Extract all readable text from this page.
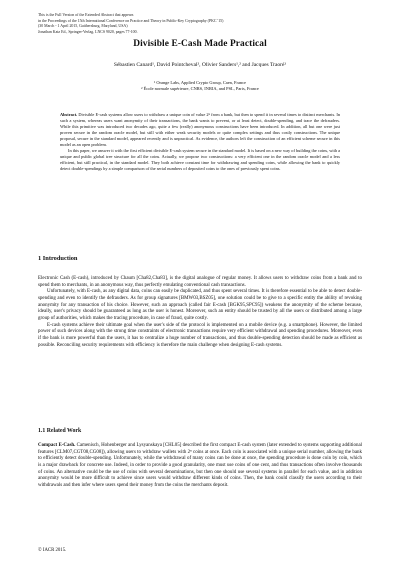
This is the Full Version of the Extended Abstract that appears
in the Proceedings of the 15th International Conference on Practice and Theory in Public-Key Cryptography (PKC '15)
(30 March - 1 April 2015, Gaithersburg, Maryland, USA)
Jonathan Katz Ed., Springer-Verlag, LNCS 9020, pages 77-100.
Divisible E-Cash Made Practical
Sébastien Canard¹, David Pointcheval², Olivier Sanders¹,² and Jacques Traoré¹
¹ Orange Labs, Applied Crypto Group, Caen, France
² École normale supérieure, CNRS, INRIA, and PSL, Paris, France

Abstract. Divisible E-cash systems allow users to withdraw a unique coin of value 2ⁿ from a bank, but then to spend it in several times to distinct merchants. In such a system, whereas users want anonymity of their transactions, the bank wants to prevent, or at least detect, double-spending, and trace the defrauders. While this primitive was introduced two decades ago, quite a few (really) anonymous constructions have been introduced. In addition, all but one were just proven secure in the random oracle model, but still with either weak security models or quite complex settings and thus costly constructions. The unique proposal, secure in the standard model, appeared recently and is unpractical. As evidence, the authors left the construction of an efficient scheme secure in this model as an open problem.

In this paper, we answer it with the first efficient divisible E-cash system secure in the standard model. It is based on a new way of building the coins, with a unique and public global tree structure for all the coins. Actually, we propose two constructions: a very efficient one in the random oracle model and a less efficient, but still practical, in the standard model. They both achieve constant time for withdrawing and spending coins, while allowing the bank to quickly detect double-spendings by a simple comparison of the serial numbers of deposited coins to the ones of previously spent coins.

1 Introduction

Electronic Cash (E-cash), introduced by Chaum [Cha82,Cha83], is the digital analogue of regular money. It allows users to withdraw coins from a bank and to spend them to merchants, in an anonymous way, thus perfectly emulating conventional cash transactions.

Unfortunately, with E-cash, as any digital data, coins can easily be duplicated, and thus spent several times. It is therefore essential to be able to detect double-spending and even to identify the defrauders. As for group signatures [BMW03,BSZ05], one solution could be to give to a specific entity the ability of revoking anonymity for any transaction of his choice. However, such an approach (called fair E-cash [BGK95,SPC95]) weakens the anonymity of the scheme because, ideally, user's privacy should be guaranteed as long as the user is honest. Moreover, such an entity should be trusted by all the users or distributed among a large group of authorities, which makes the tracing procedure, in case of fraud, quite costly.

E-cash systems achieve their ultimate goal when the user's side of the protocol is implemented on a mobile device (e.g. a smartphone). However, the limited power of such devices along with the strong time constraints of electronic transactions require very efficient withdrawal and spending procedures. Moreover, even if the bank is more powerful than the users, it has to centralize a huge number of transactions, and thus double-spending detection should be made as efficient as possible. Reconciling security requirements with efficiency is therefore the main challenge when designing E-cash systems.

1.1 Related Work

Compact E-Cash. Camenisch, Hohenberger and Lysyanskaya [CHL05] described the first compact E-cash system (later extended to systems supporting additional features [CLM07,CGT08,CG08]), allowing users to withdraw wallets with 2ⁿ coins at once. Each coin is associated with a unique serial number, allowing the bank to efficiently detect double-spending. Unfortunately, while the withdrawal of many coins can be done at once, the spending procedure is done coin by coin, which is a major drawback for concrete use. Indeed, in order to provide a good granularity, one must use coins of one cent, and thus transactions often involve thousands of coins. An alternative could be the use of coins with several denominations, but then one should use several systems in parallel for each value, and in addition anonymity would be more difficult to achieve since users would withdraw different kinds of coins. Then, the bank could classify the users according to their withdrawals and then infer where users spend their money from the coins the merchants deposit.

© IACR 2015.
